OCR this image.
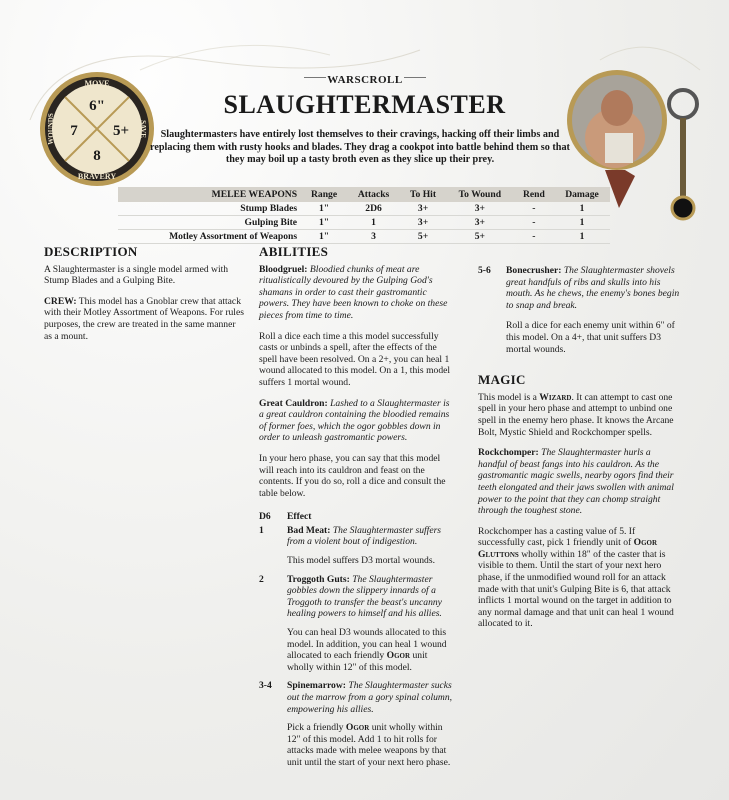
MOVE
BRAVERY
WOUNDS	SAVE
6"
7 5+
8
WARSCROLL
SLAUGHTERMASTER
Slaughtermasters have entirely lost themselves to their cravings, hacking off their limbs and replacing them with rusty hooks and blades. They drag a cookpot into battle behind them so that they may boil up a tasty broth even as they slice up their prey.
MELEE WEAPONS	Range	Attacks	To Hit	To Wound	Rend	Damage
Stump Blades	1"	2D6	3+	3+	-	1
Gulping Bite	1"	1	3+	3+	-	1
Motley Assortment of Weapons	1"	3	5+	5+	-	1
DESCRIPTION

A Slaughtermaster is a single model armed with Stump Blades and a Gulping Bite.

CREW: This model has a Gnoblar crew that attack with their Motley Assortment of Weapons. For rules purposes, the crew are treated in the same manner as a mount.

ABILITIES

Bloodgruel: Bloodied chunks of meat are ritualistically devoured by the Gulping God's shamans in order to cast their gastromantic powers. They have been known to choke on these pieces from time to time.

Roll a dice each time a this model successfully casts or unbinds a spell, after the effects of the spell have been resolved. On a 2+, you can heal 1 wound allocated to this model. On a 1, this model suffers 1 mortal wound.

Great Cauldron: Lashed to a Slaughtermaster is a great cauldron containing the bloodied remains of former foes, which the ogor gobbles down in order to unleash gastromantic powers.

In your hero phase, you can say that this model will reach into its cauldron and feast on the contents. If you do so, roll a dice and consult the table below.

D6	Effect
1	Bad Meat: The Slaughtermaster suffers from a violent bout of indigestion.

This model suffers D3 mortal wounds.

2	Troggoth Guts: The Slaughtermaster gobbles down the slippery innards of a Troggoth to transfer the beast's uncanny healing powers to himself and his allies.

You can heal D3 wounds allocated to this model. In addition, you can heal 1 wound allocated to each friendly Ogor unit wholly within 12" of this model.

3-4	Spinemarrow: The Slaughtermaster sucks out the marrow from a gory spinal column, empowering his allies.

Pick a friendly Ogor unit wholly within 12" of this model. Add 1 to hit rolls for attacks made with melee weapons by that unit until the start of your next hero phase.

5-6	Bonecrusher: The Slaughtermaster shovels great handfuls of ribs and skulls into his mouth. As he chews, the enemy's bones begin to snap and break.

Roll a dice for each enemy unit within 6" of this model. On a 4+, that unit suffers D3 mortal wounds.

MAGIC

This model is a Wizard. It can attempt to cast one spell in your hero phase and attempt to unbind one spell in the enemy hero phase. It knows the Arcane Bolt, Mystic Shield and Rockchomper spells.

Rockchomper: The Slaughtermaster hurls a handful of beast fangs into his cauldron. As the gastromantic magic swells, nearby ogors find their teeth elongated and their jaws swollen with animal power to the point that they can chomp straight through the toughest stone.

Rockchomper has a casting value of 5. If successfully cast, pick 1 friendly unit of Ogor Gluttons wholly within 18" of the caster that is visible to them. Until the start of your next hero phase, if the unmodified wound roll for an attack made with that unit's Gulping Bite is 6, that attack inflicts 1 mortal wound on the target in addition to any normal damage and that unit can heal 1 wound allocated to it.
